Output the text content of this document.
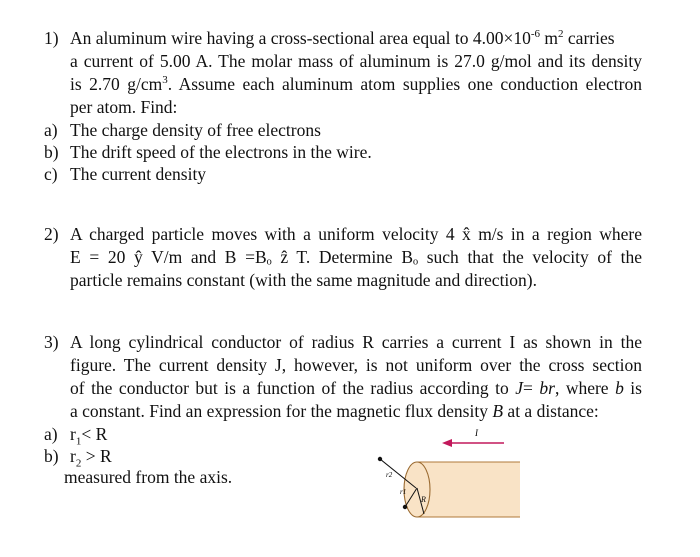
1) An aluminum wire having a cross-sectional area equal to $4.00\times 10^{-6}$ $m^2$ carries
a current of 5.00 A. The molar mass of aluminum is 27.0 g/mol and its density
is 2.70 $g/cm^3$. Assume each aluminum atom supplies one conduction electron
per atom. Find:
a) The charge density of free electrons
b) The drift speed of the electrons in the wire.
c) The current density
2) A charged particle moves with a uniform velocity 4 x̂ m/s in a region where
E = 20 ŷ V/m and B =Bₒ ẑ T. Determine Bₒ such that the velocity of the
particle remains constant (with the same magnitude and direction).
3) A long cylindrical conductor of radius R carries a current I as shown in the
figure. The current density J, however, is not uniform over the cross section
of the conductor but is a function of the radius according to J= br, where b is
a constant. Find an expression for the magnetic flux density B at a distance:
a) $r_1< R$
b) $r_2 > R$
measured from the axis.
I
r2
r1
R
